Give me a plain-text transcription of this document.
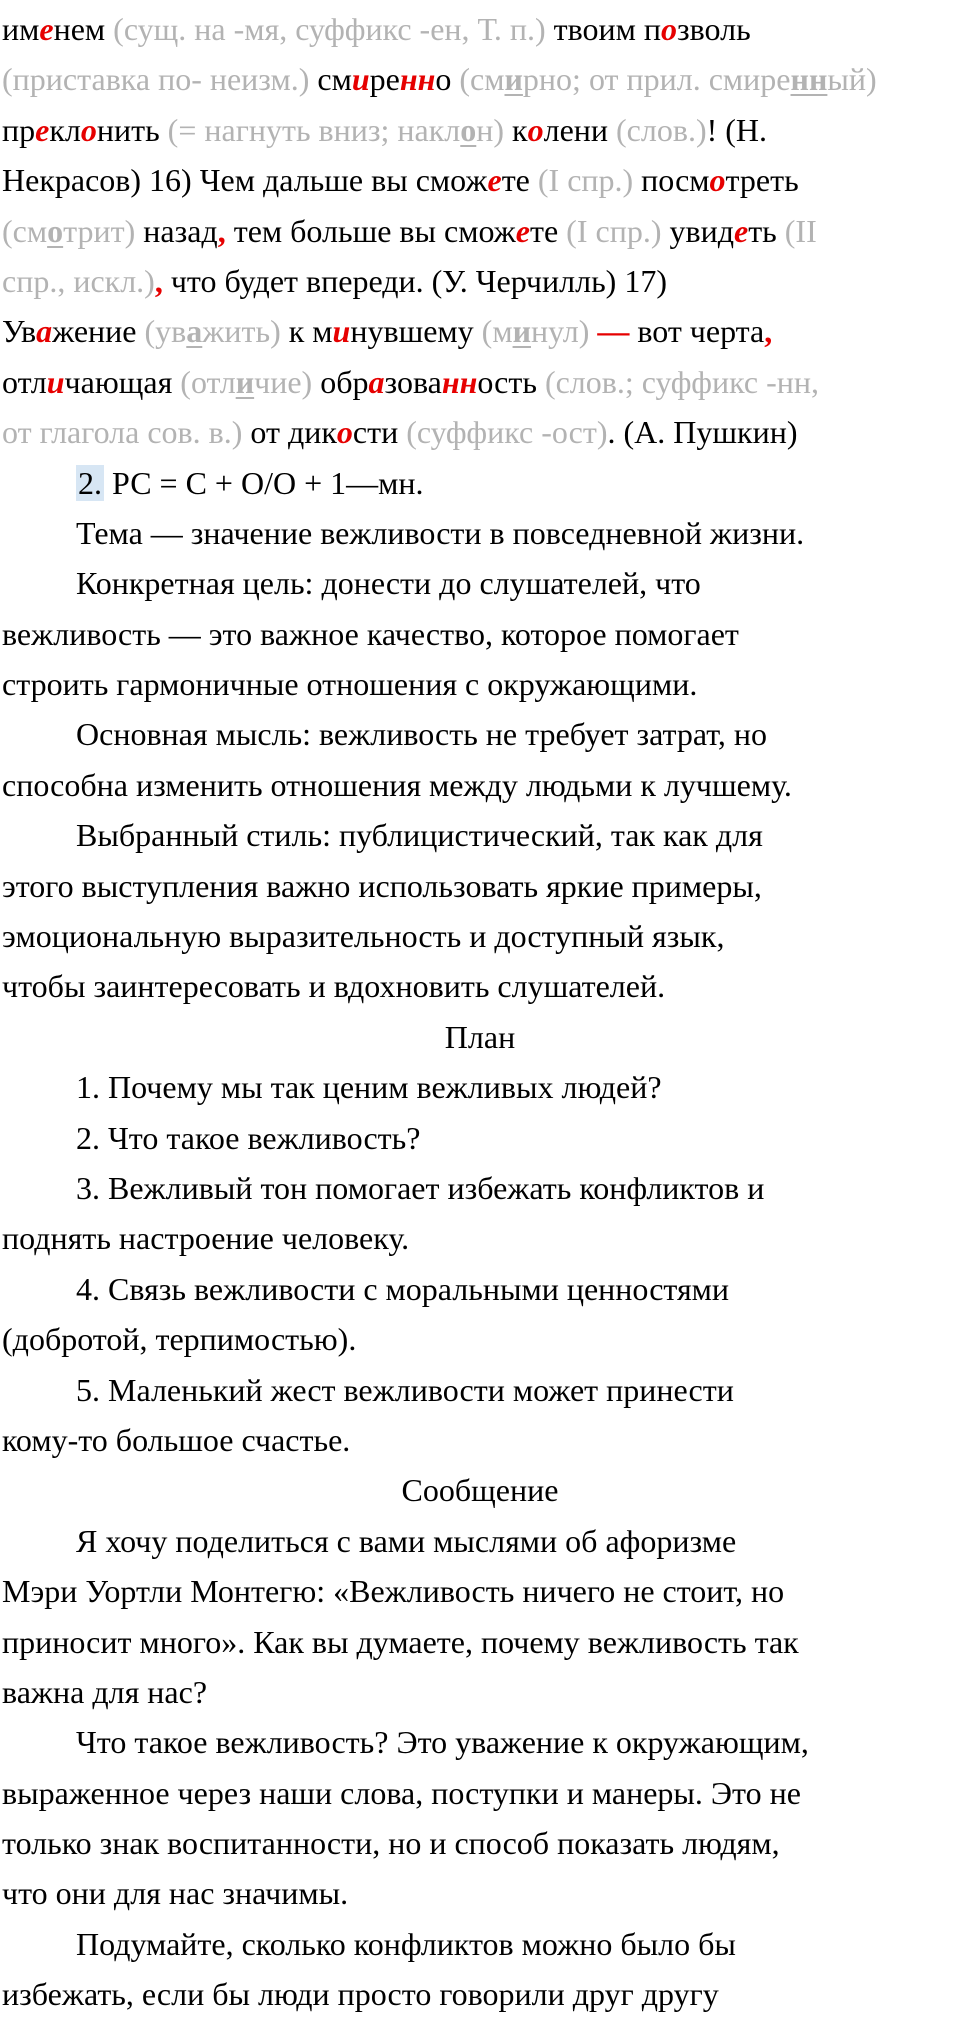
именем (сущ. на -мя, суффикс -ен, Т. п.) твоим позволь
(приставка по- неизм.) смиренно (смирно; от прил. смиренный)
преклонить (= нагнуть вниз; наклон) колени (слов.)! (Н.
Некрасов) 16) Чем дальше вы сможете (I спр.) посмотреть
(смотрит) назад, тем больше вы сможете (I спр.) увидеть (II
спр., искл.), что будет впереди. (У. Черчилль) 17)
Уважение (уважить) к минувшему (минул) — вот черта,
отличающая (отличие) образованность (слов.; суффикс -нн,
от глагола сов. в.) от дикости (суффикс -ост). (А. Пушкин)
2. РС = С + О/О + 1—мн.
Тема — значение вежливости в повседневной жизни.
Конкретная цель: донести до слушателей, что
вежливость — это важное качество, которое помогает
строить гармоничные отношения с окружающими.
Основная мысль: вежливость не требует затрат, но
способна изменить отношения между людьми к лучшему.
Выбранный стиль: публицистический, так как для
этого выступления важно использовать яркие примеры,
эмоциональную выразительность и доступный язык,
чтобы заинтересовать и вдохновить слушателей.
План
1. Почему мы так ценим вежливых людей?
2. Что такое вежливость?
3. Вежливый тон помогает избежать конфликтов и
поднять настроение человеку.
4. Связь вежливости с моральными ценностями
(добротой, терпимостью).
5. Маленький жест вежливости может принести
кому-то большое счастье.
Сообщение
Я хочу поделиться с вами мыслями об афоризме
Мэри Уортли Монтегю: «Вежливость ничего не стоит, но
приносит много». Как вы думаете, почему вежливость так
важна для нас?
Что такое вежливость? Это уважение к окружающим,
выраженное через наши слова, поступки и манеры. Это не
только знак воспитанности, но и способ показать людям,
что они для нас значимы.
Подумайте, сколько конфликтов можно было бы
избежать, если бы люди просто говорили друг другу
